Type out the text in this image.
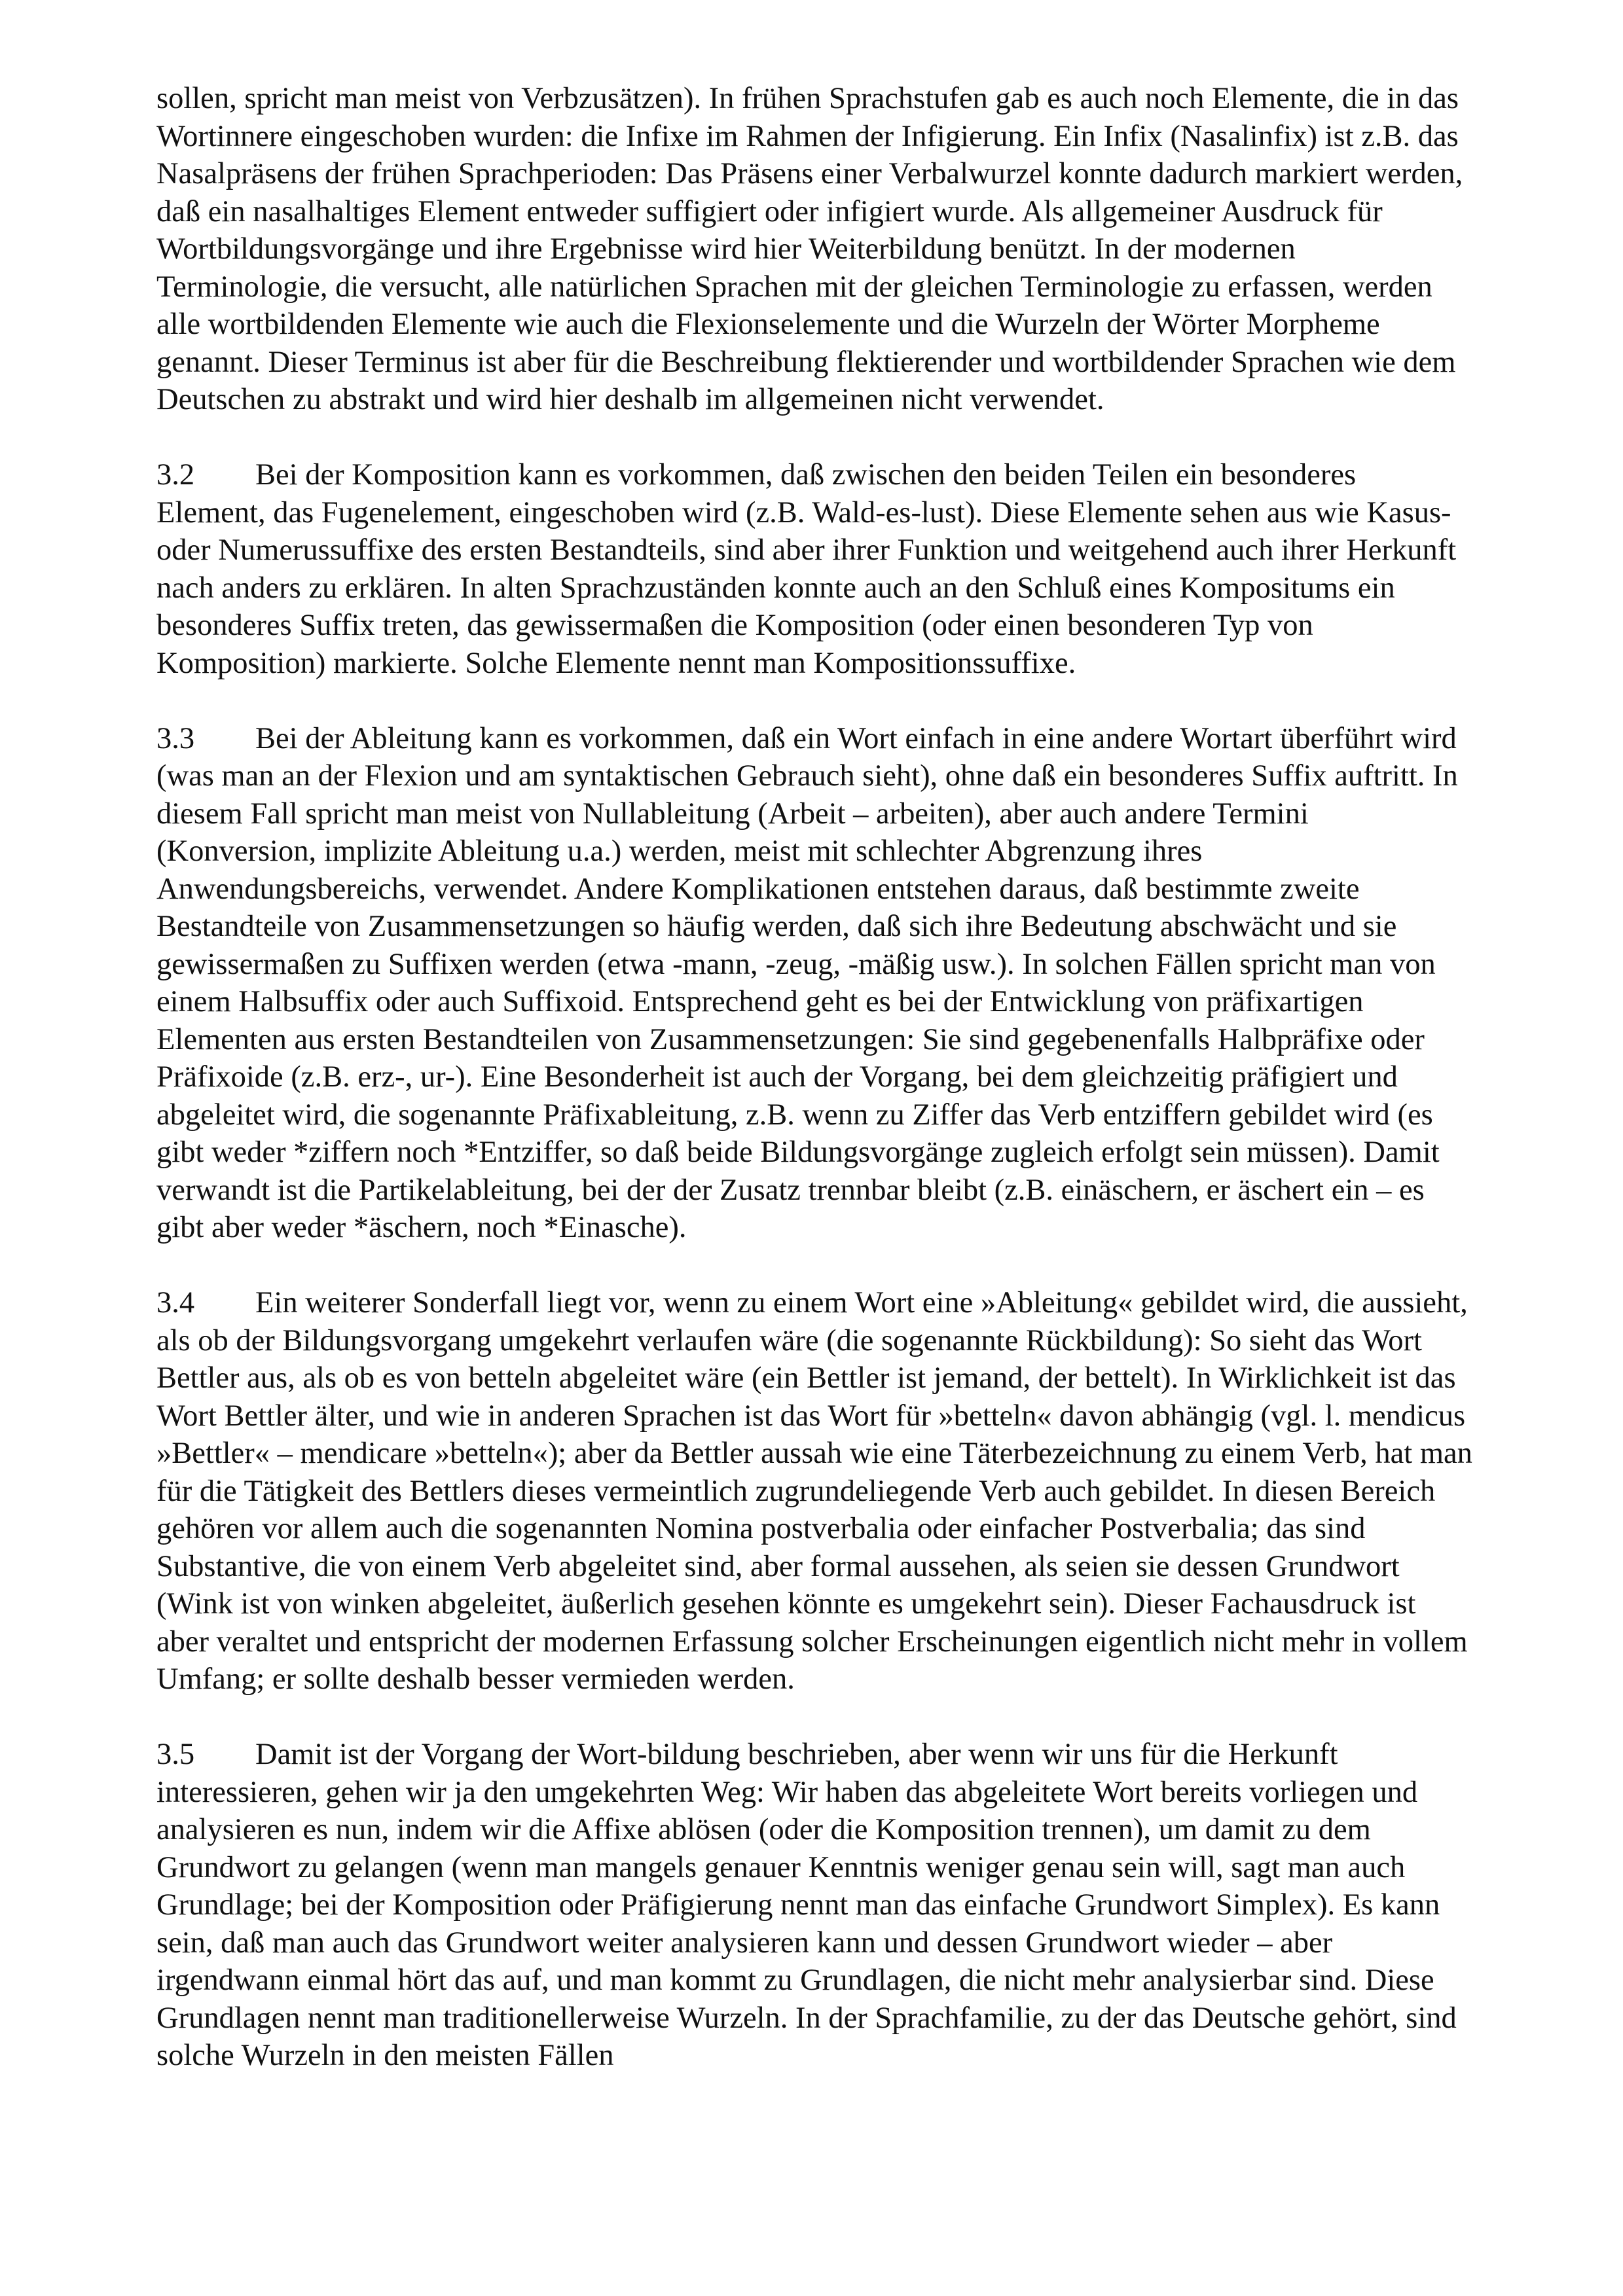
sollen, spricht man meist von Verbzusätzen). In frühen Sprachstufen gab es auch noch Elemente, die in das Wortinnere eingeschoben wurden: die Infixe im Rahmen der Infigierung. Ein Infix (Nasalinfix) ist z.B. das Nasalpräsens der frühen Sprachperioden: Das Präsens einer Verbalwurzel konnte dadurch markiert werden, daß ein nasalhaltiges Element entweder suffigiert oder infigiert wurde. Als allgemeiner Ausdruck für Wortbildungsvorgänge und ihre Ergebnisse wird hier Weiterbildung benützt. In der modernen Terminologie, die versucht, alle natürlichen Sprachen mit der gleichen Terminologie zu erfassen, werden alle wortbildenden Elemente wie auch die Flexionselemente und die Wurzeln der Wörter Morpheme genannt. Dieser Terminus ist aber für die Beschreibung flektierender und wortbildender Sprachen wie dem Deutschen zu abstrakt und wird hier deshalb im allgemeinen nicht verwendet.

3.2 Bei der Komposition kann es vorkommen, daß zwischen den beiden Teilen ein besonderes Element, das Fugenelement, eingeschoben wird (z.B. Wald-es-lust). Diese Elemente sehen aus wie Kasus- oder Numerussuffixe des ersten Bestandteils, sind aber ihrer Funktion und weitgehend auch ihrer Herkunft nach anders zu erklären. In alten Sprachzuständen konnte auch an den Schluß eines Kompositums ein besonderes Suffix treten, das gewissermaßen die Komposition (oder einen besonderen Typ von Komposition) markierte. Solche Elemente nennt man Kompositionssuffixe.

3.3 Bei der Ableitung kann es vorkommen, daß ein Wort einfach in eine andere Wortart überführt wird (was man an der Flexion und am syntaktischen Gebrauch sieht), ohne daß ein besonderes Suffix auftritt. In diesem Fall spricht man meist von Nullableitung (Arbeit – arbeiten), aber auch andere Termini (Konversion, implizite Ableitung u.a.) werden, meist mit schlechter Abgrenzung ihres Anwendungsbereichs, verwendet. Andere Komplikationen entstehen daraus, daß bestimmte zweite Bestandteile von Zusammensetzungen so häufig werden, daß sich ihre Bedeutung abschwächt und sie gewissermaßen zu Suffixen werden (etwa -mann, -zeug, -mäßig usw.). In solchen Fällen spricht man von einem Halbsuffix oder auch Suffixoid. Entsprechend geht es bei der Entwicklung von präfixartigen Elementen aus ersten Bestandteilen von Zusammensetzungen: Sie sind gegebenenfalls Halbpräfixe oder Präfixoide (z.B. erz-, ur-). Eine Besonderheit ist auch der Vorgang, bei dem gleichzeitig präfigiert und abgeleitet wird, die sogenannte Präfixableitung, z.B. wenn zu Ziffer das Verb entziffern gebildet wird (es gibt weder *ziffern noch *Entziffer, so daß beide Bildungsvorgänge zugleich erfolgt sein müssen). Damit verwandt ist die Partikelableitung, bei der der Zusatz trennbar bleibt (z.B. einäschern, er äschert ein – es gibt aber weder *äschern, noch *Einasche).

3.4 Ein weiterer Sonderfall liegt vor, wenn zu einem Wort eine »Ableitung« gebildet wird, die aussieht, als ob der Bildungsvorgang umgekehrt verlaufen wäre (die sogenannte Rückbildung): So sieht das Wort Bettler aus, als ob es von betteln abgeleitet wäre (ein Bettler ist jemand, der bettelt). In Wirklichkeit ist das Wort Bettler älter, und wie in anderen Sprachen ist das Wort für »betteln« davon abhängig (vgl. l. mendicus »Bettler« – mendicare »betteln«); aber da Bettler aussah wie eine Täterbezeichnung zu einem Verb, hat man für die Tätigkeit des Bettlers dieses vermeintlich zugrundeliegende Verb auch gebildet. In diesen Bereich gehören vor allem auch die sogenannten Nomina postverbalia oder einfacher Postverbalia; das sind Substantive, die von einem Verb abgeleitet sind, aber formal aussehen, als seien sie dessen Grundwort (Wink ist von winken abgeleitet, äußerlich gesehen könnte es umgekehrt sein). Dieser Fachausdruck ist aber veraltet und entspricht der modernen Erfassung solcher Erscheinungen eigentlich nicht mehr in vollem Umfang; er sollte deshalb besser vermieden werden.

3.5 Damit ist der Vorgang der Wort-bildung beschrieben, aber wenn wir uns für die Herkunft interessieren, gehen wir ja den umgekehrten Weg: Wir haben das abgeleitete Wort bereits vorliegen und analysieren es nun, indem wir die Affixe ablösen (oder die Komposition trennen), um damit zu dem Grundwort zu gelangen (wenn man mangels genauer Kenntnis weniger genau sein will, sagt man auch Grundlage; bei der Komposition oder Präfigierung nennt man das einfache Grundwort Simplex). Es kann sein, daß man auch das Grundwort weiter analysieren kann und dessen Grundwort wieder – aber irgendwann einmal hört das auf, und man kommt zu Grundlagen, die nicht mehr analysierbar sind. Diese Grundlagen nennt man traditionellerweise Wurzeln. In der Sprachfamilie, zu der das Deutsche gehört, sind solche Wurzeln in den meisten Fällen
